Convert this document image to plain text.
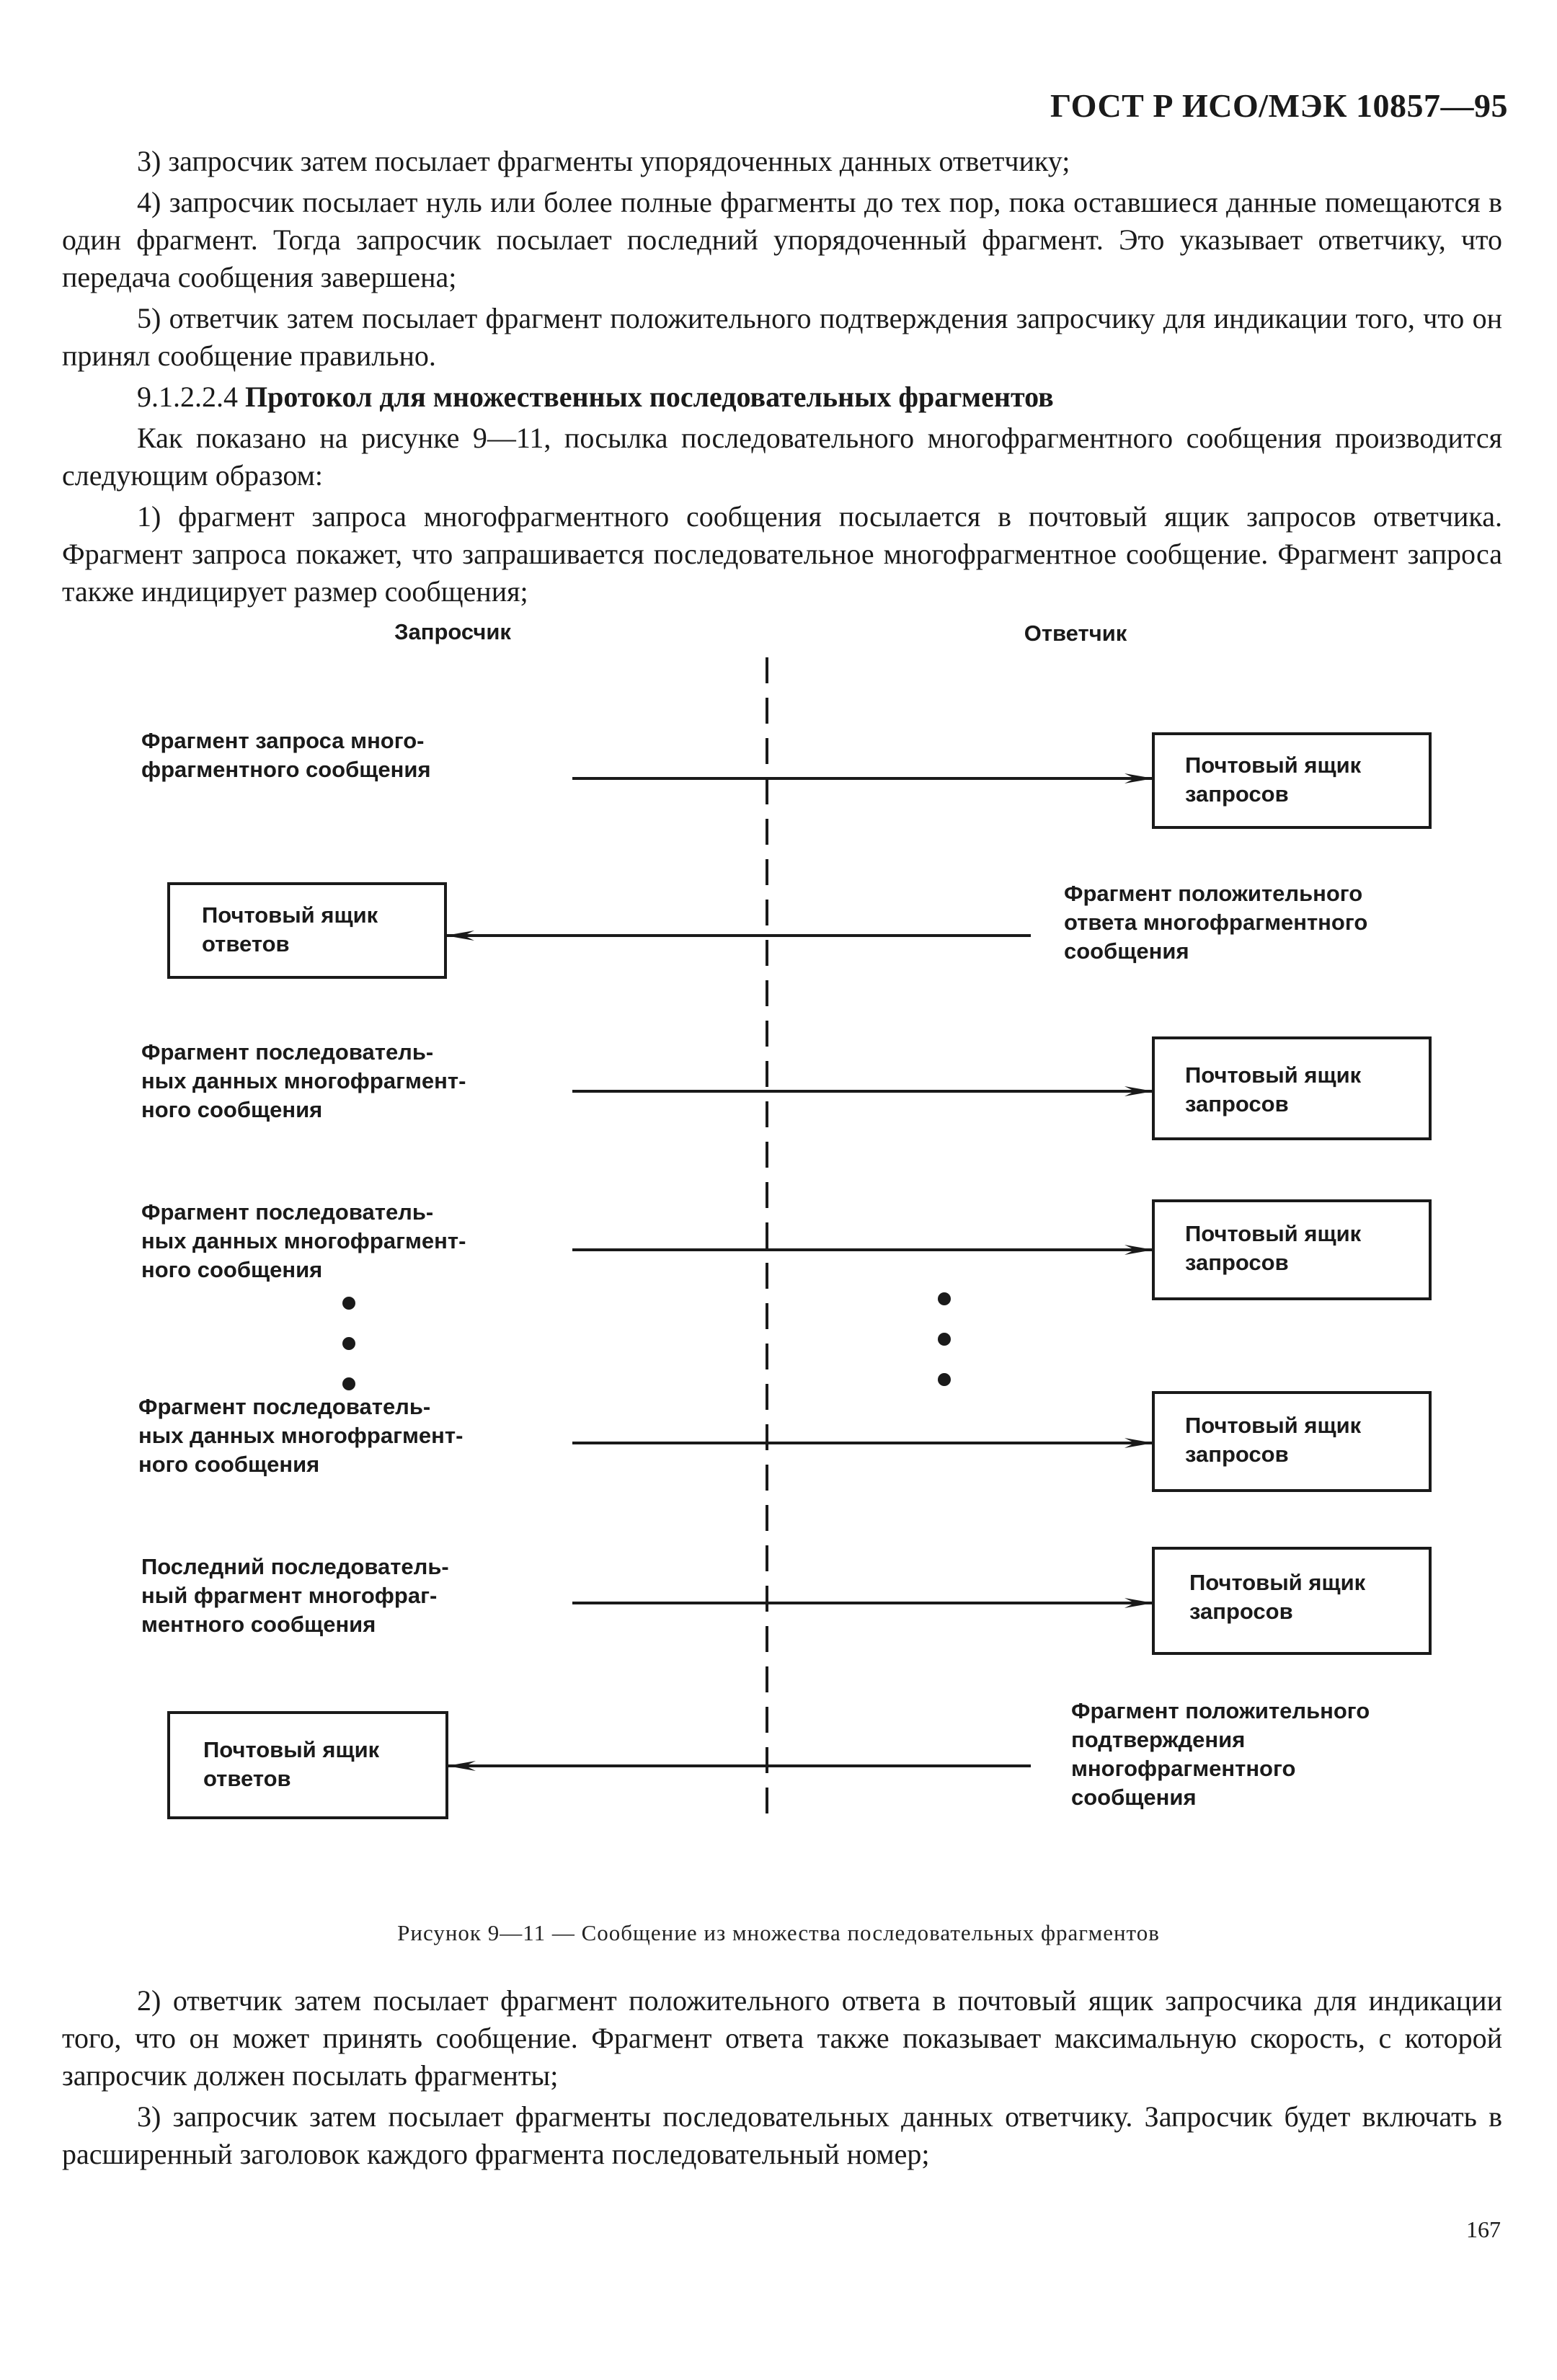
ГОСТ Р ИСО/МЭК 10857—95

3) запросчик затем посылает фрагменты упорядоченных данных ответчику;

4) запросчик посылает нуль или более полные фрагменты до тех пор, пока оставшиеся данные помещаются в один фрагмент. Тогда запросчик посылает последний упорядоченный фрагмент. Это указывает ответчику, что передача сообщения завершена;

5) ответчик затем посылает фрагмент положительного подтверждения запросчику для индикации того, что он принял сообщение правильно.

9.1.2.2.4 Протокол для множественных последовательных фрагментов

Как показано на рисунке 9—11, посылка последовательного многофрагментного сообщения производится следующим образом:

1) фрагмент запроса многофрагментного сообщения посылается в почтовый ящик запросов ответчика. Фрагмент запроса покажет, что запрашивается последовательное многофрагментное сообщение. Фрагмент запроса также индицирует размер сообщения;

Запросчик	Ответчик
Фрагмент запроса много-фрагментного сообщения	Почтовый ящик запросов
Почтовый ящик ответов
Фрагмент положительного ответа многофрагментного сообщения
Фрагмент последователь-ных данных многофрагмент-ного сообщения
Почтовый ящик запросов
Фрагмент последователь-ных данных многофрагмент-ного сообщения
Почтовый ящик запросов
Фрагмент последователь-ных данных многофрагмент-ного сообщения
Почтовый ящик запросов
Последний последователь-ный фрагмент многофраг-ментного сообщения
Почтовый ящик запросов
Почтовый ящик ответов
Фрагмент положительного подтверждения многофрагментного сообщения
Рисунок 9—11 — Сообщение из множества последовательных фрагментов

2) ответчик затем посылает фрагмент положительного ответа в почтовый ящик запросчика для индикации того, что он может принять сообщение. Фрагмент ответа также показывает максимальную скорость, с которой запросчик должен посылать фрагменты;

3) запросчик затем посылает фрагменты последовательных данных ответчику. Запросчик будет включать в расширенный заголовок каждого фрагмента последовательный номер;

167
